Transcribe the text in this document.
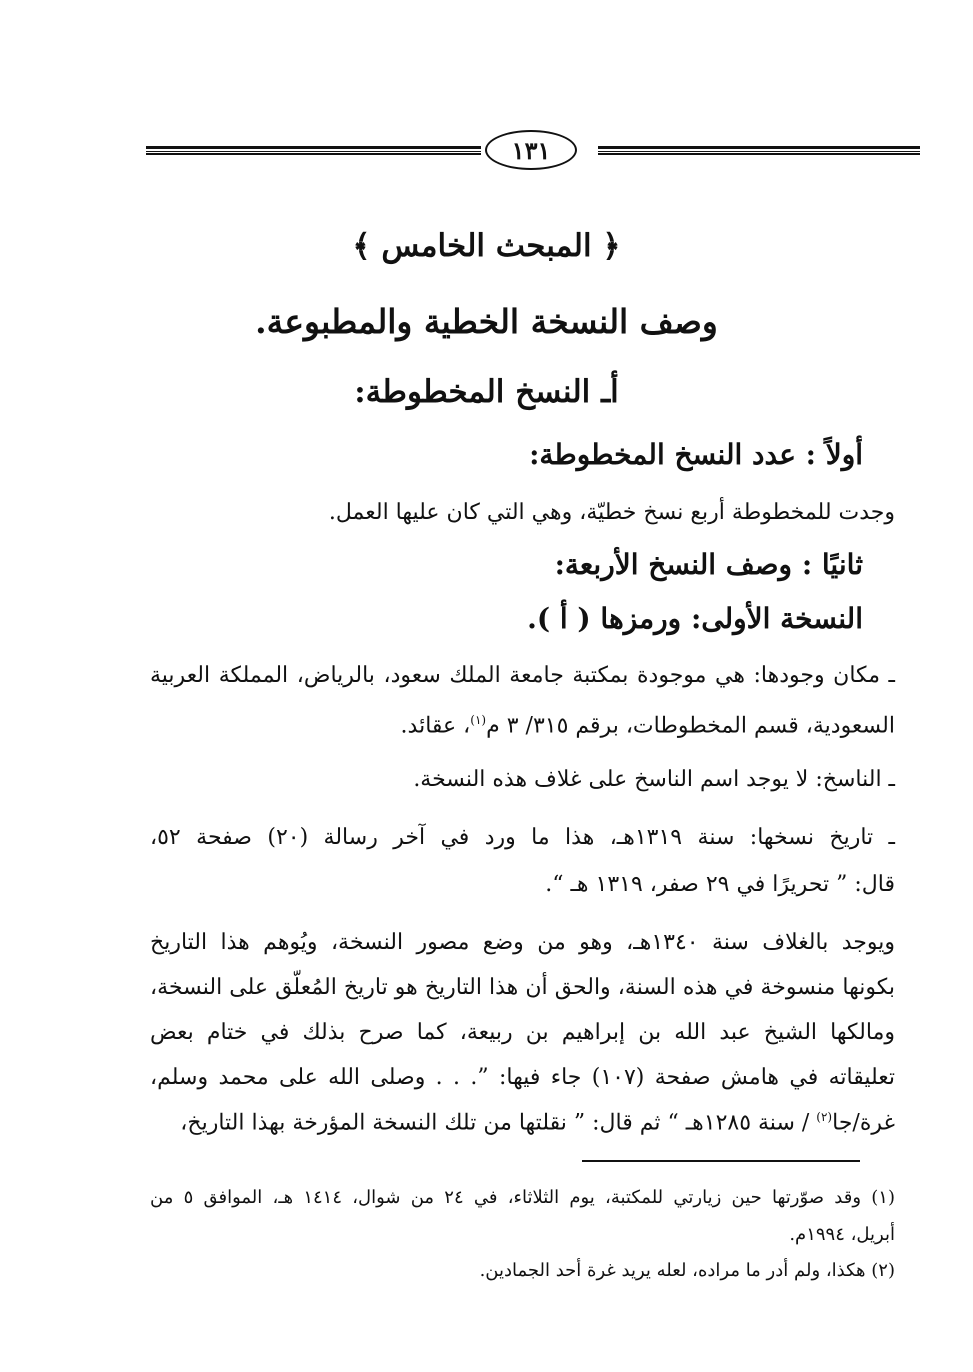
١٣١
﴿ المبحث الخامس ﴾
وصف النسخة الخطية والمطبوعة.
أـ النسخ المخطوطة:
أولاً : عدد النسخ المخطوطة:
وجدت للمخطوطة أربع نسخ خطيّة، وهي التي كان عليها العمل.
ثانيًا : وصف النسخ الأربعة:
النسخة الأولى: ورمزها ( أ ).
ـ مكان وجودها: هي موجودة بمكتبة جامعة الملك سعود، بالرياض، المملكة العربية
السعودية، قسم المخطوطات، برقم ٣١٥/ ٣ م$^{(١)}$، عقائد.
ـ الناسخ: لا يوجد اسم الناسخ على غلاف هذه النسخة.
ـ تاريخ نسخها: سنة ١٣١٩هـ، هذا ما ورد في آخر رسالة (٢٠) صفحة ٥٢،
قال: ” تحريرًا في ٢٩ صفر، ١٣١٩ هـ “.
ويوجد بالغلاف سنة ١٣٤٠هـ، وهو من وضع مصور النسخة، ويُوهم هذا التاريخ
بكونها منسوخة في هذه السنة، والحق أن هذا التاريخ هو تاريخ المُعلّق على النسخة،
ومالكها الشيخ عبد الله بن إبراهيم بن ربيعة، كما صرح بذلك في ختام بعض
تعليقاته في هامش صفحة (١٠٧) جاء فيها: ”. . . وصلى الله على محمد وسلم،
غرة/جا$^{(٢)}$ / سنة ١٢٨٥هـ “ ثم قال: ” نقلتها من تلك النسخة المؤرخة بهذا التاريخ،
(١) وقد صوّرتها حين زيارتي للمكتبة، يوم الثلاثاء، في ٢٤ من شوال، ١٤١٤ هـ، الموافق ٥ من
أبريل، ١٩٩٤م.
(٢) هكذا، ولم أدر ما مراده، لعله يريد غرة أحد الجمادين.
